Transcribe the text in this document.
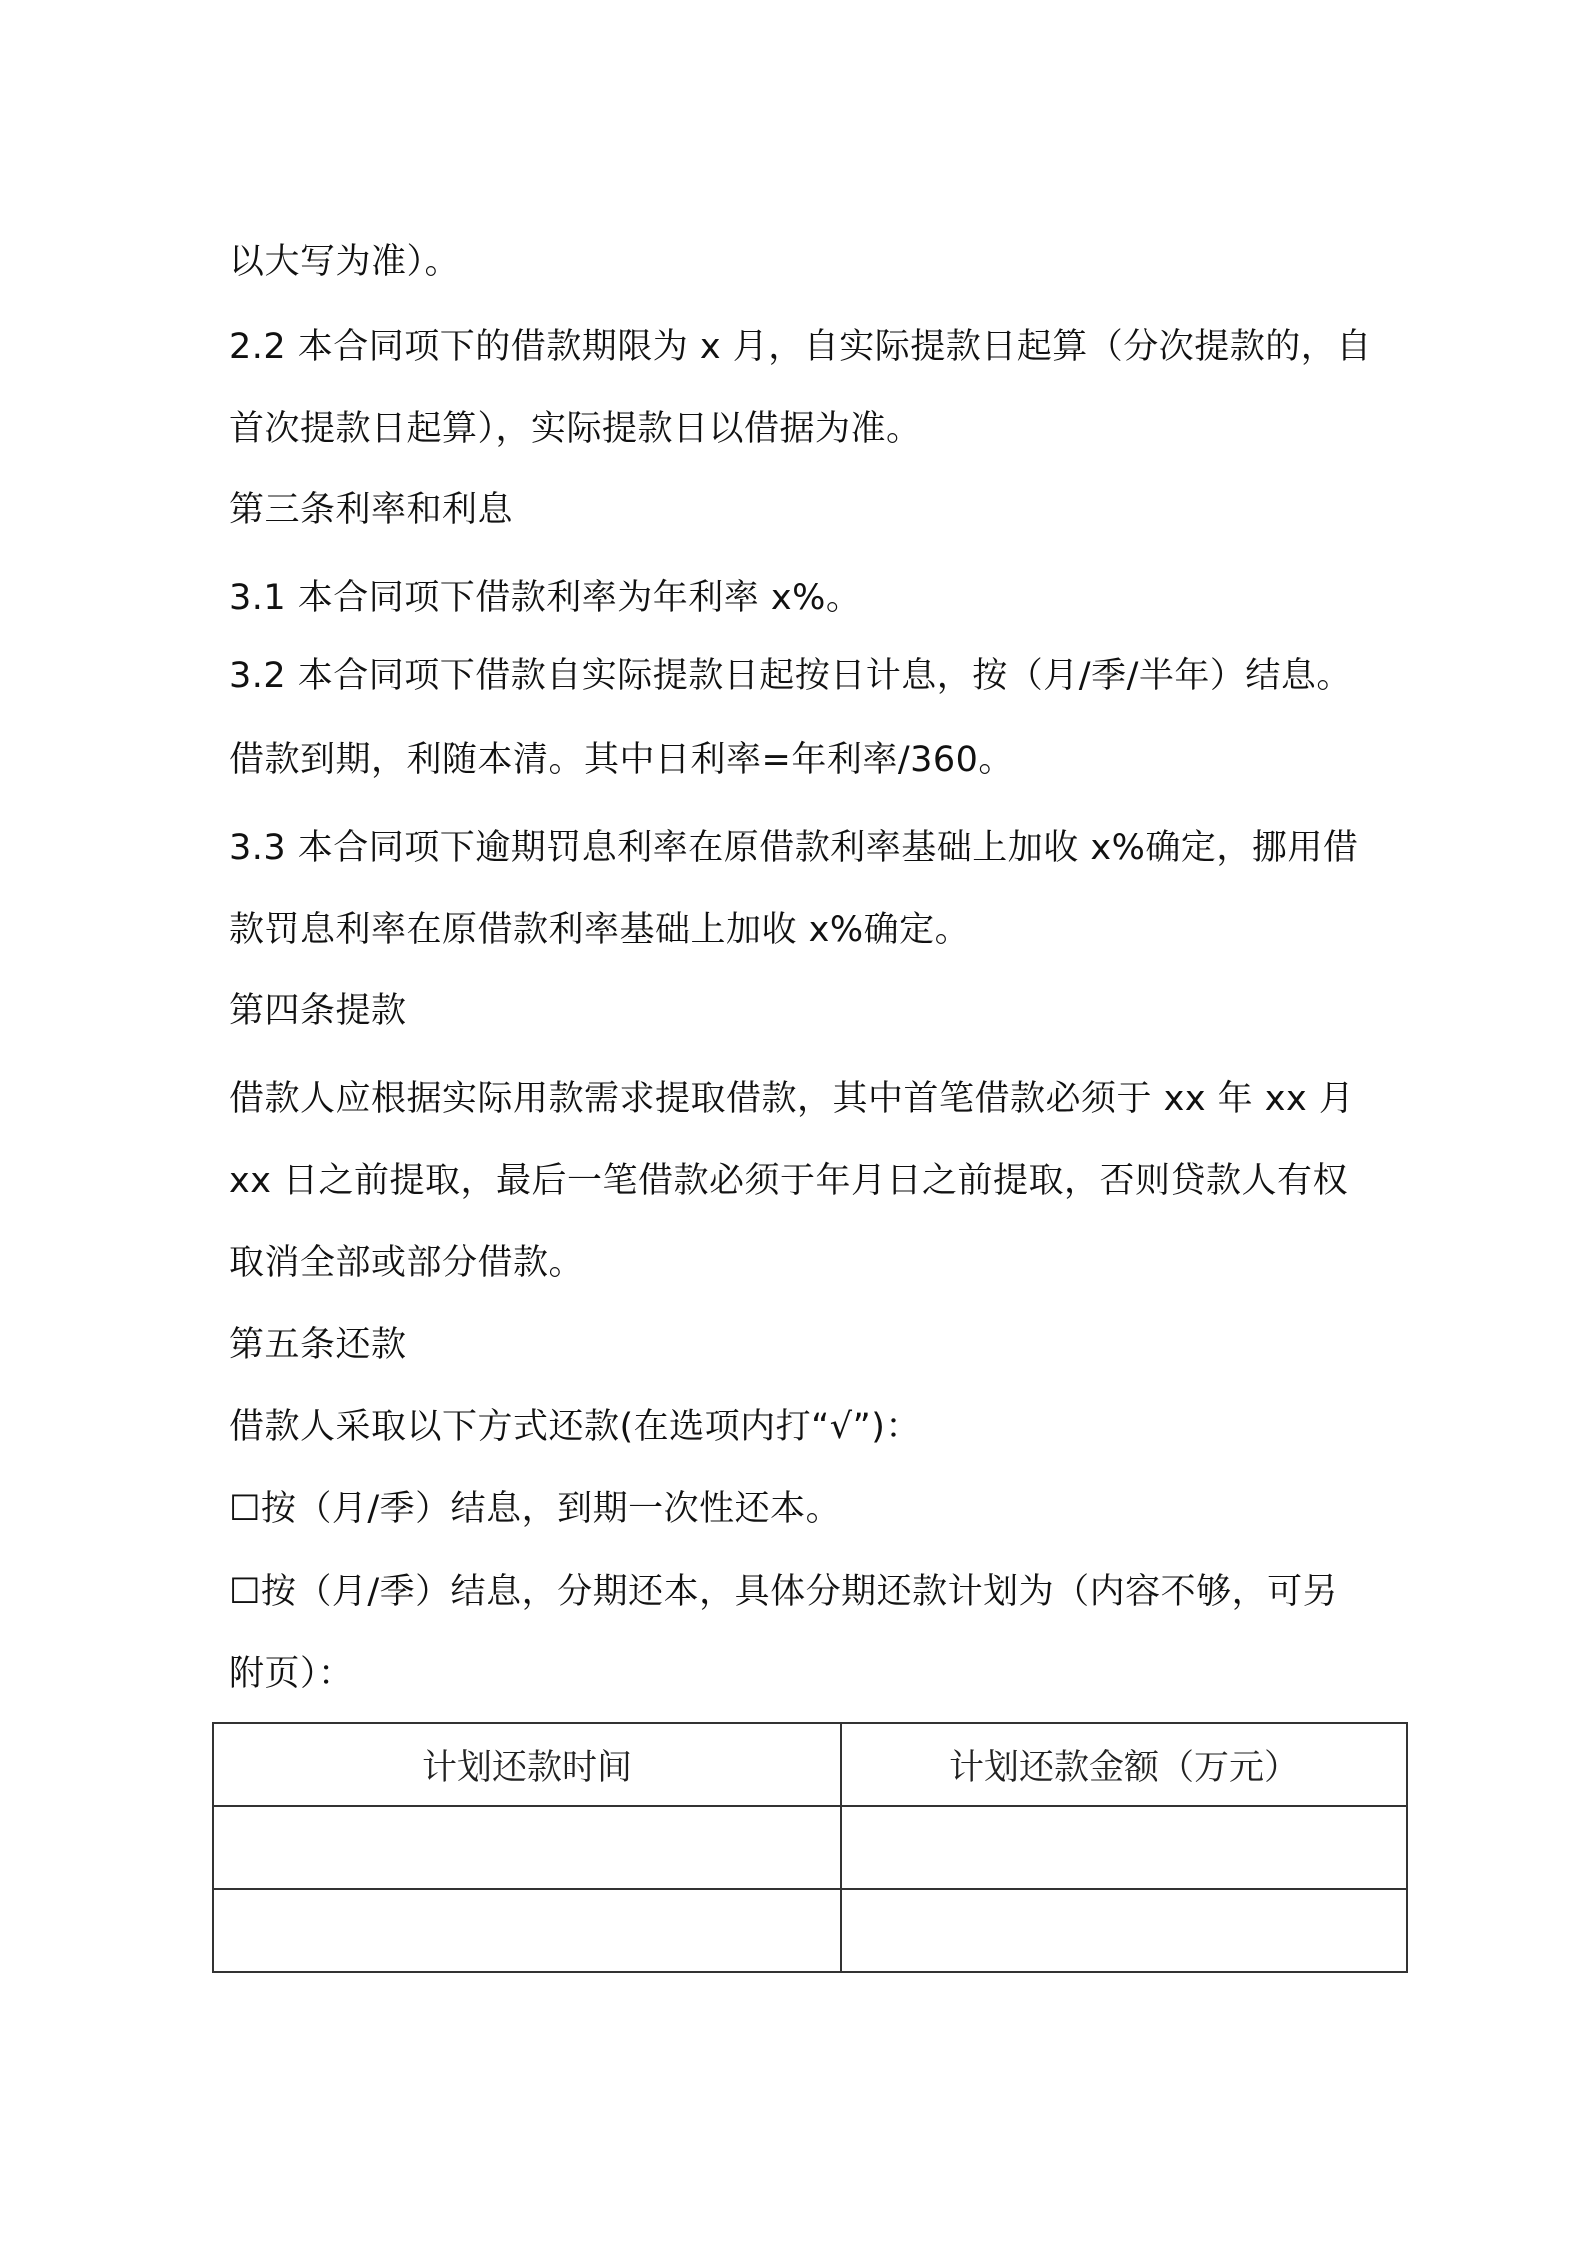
以大写为准）。
2.2 本合同项下的借款期限为 x 月，自实际提款日起算（分次提款的，自
首次提款日起算），实际提款日以借据为准。
第三条利率和利息
3.1 本合同项下借款利率为年利率 x%。
3.2 本合同项下借款自实际提款日起按日计息，按（月/季/半年）结息。
借款到期，利随本清。其中日利率=年利率/360。
3.3 本合同项下逾期罚息利率在原借款利率基础上加收 x%确定，挪用借
款罚息利率在原借款利率基础上加收 x%确定。
第四条提款
借款人应根据实际用款需求提取借款，其中首笔借款必须于 xx 年 xx 月
xx 日之前提取，最后一笔借款必须于年月日之前提取，否则贷款人有权
取消全部或部分借款。
第五条还款
借款人采取以下方式还款(在选项内打“√”)：
☐按（月/季）结息，到期一次性还本。
☐按（月/季）结息，分期还本，具体分期还款计划为（内容不够，可另
附页）：
计划还款时间	计划还款金额（万元）
